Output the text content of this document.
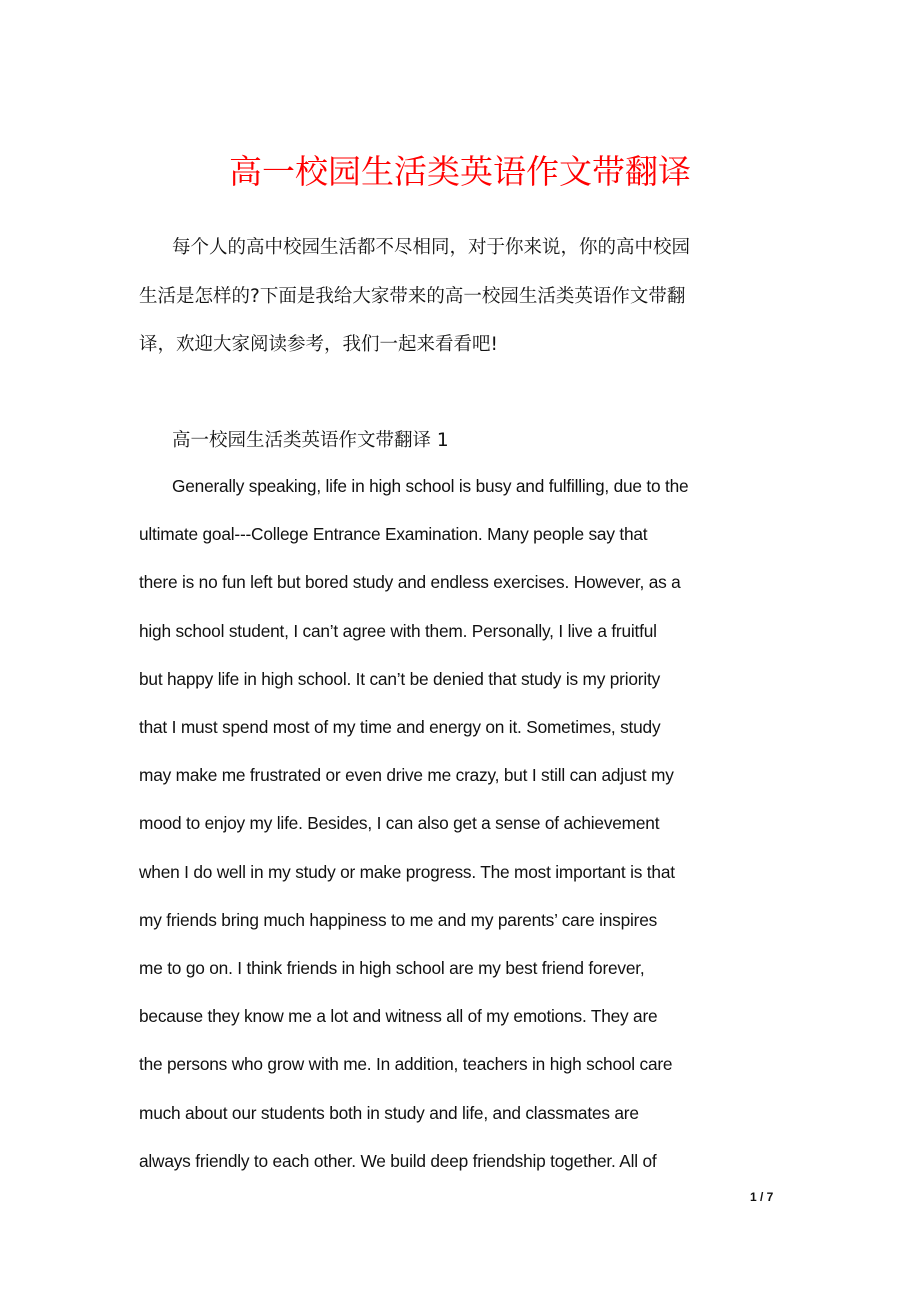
高一校园生活类英语作文带翻译
每个人的高中校园生活都不尽相同，对于你来说，你的高中校园
生活是怎样的?下面是我给大家带来的高一校园生活类英语作文带翻
译，欢迎大家阅读参考，我们一起来看看吧!
高一校园生活类英语作文带翻译 1
Generally speaking, life in high school is busy and fulfilling, due to the
ultimate goal---College Entrance Examination. Many people say that
there is no fun left but bored study and endless exercises. However, as a
high school student, I can’t agree with them. Personally, I live a fruitful
but happy life in high school. It can’t be denied that study is my priority
that I must spend most of my time and energy on it. Sometimes, study
may make me frustrated or even drive me crazy, but I still can adjust my
mood to enjoy my life. Besides, I can also get a sense of achievement
when I do well in my study or make progress. The most important is that
my friends bring much happiness to me and my parents’ care inspires
me to go on. I think friends in high school are my best friend forever,
because they know me a lot and witness all of my emotions. They are
the persons who grow with me. In addition, teachers in high school care
much about our students both in study and life, and classmates are
always friendly to each other. We build deep friendship together. All of
1 / 7
